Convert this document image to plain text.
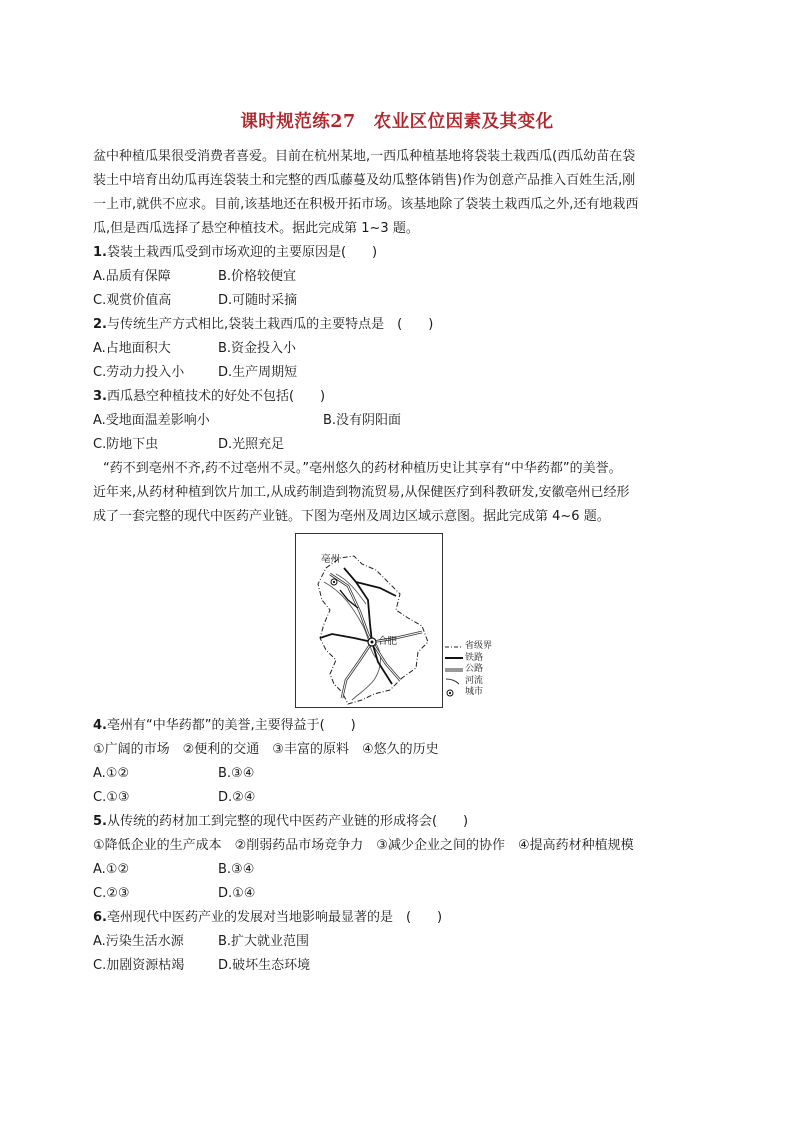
课时规范练27 农业区位因素及其变化
盆中种植瓜果很受消费者喜爱。目前在杭州某地,一西瓜种植基地将袋装土栽西瓜(西瓜幼苗在袋
装土中培育出幼瓜再连袋装土和完整的西瓜藤蔓及幼瓜整体销售)作为创意产品推入百姓生活,刚
一上市,就供不应求。目前,该基地还在积极开拓市场。该基地除了袋装土栽西瓜之外,还有地栽西
瓜,但是西瓜选择了悬空种植技术。据此完成第 1~3 题。
1.袋装土栽西瓜受到市场欢迎的主要原因是(　　)
A.品质有保障	B.价格较便宜
C.观赏价值高	D.可随时采摘
2.与传统生产方式相比,袋装土栽西瓜的主要特点是　(　　)
A.占地面积大	B.资金投入小
C.劳动力投入小	D.生产周期短
3.西瓜悬空种植技术的好处不包括(　　)
A.受地面温差影响小	B.没有阴阳面
C.防地下虫	D.光照充足
“药不到亳州不齐,药不过亳州不灵。”亳州悠久的药材种植历史让其享有“中华药都”的美誉。
近年来,从药材种植到饮片加工,从成药制造到物流贸易,从保健医疗到科教研发,安徽亳州已经形
成了一套完整的现代中医药产业链。下图为亳州及周边区域示意图。据此完成第 4~6 题。
亳州
合肥	省级界
铁路
公路
河流
城市
4.亳州有“中华药都”的美誉,主要得益于(　　)
①广阔的市场　②便利的交通　③丰富的原料　④悠久的历史
A.①②	B.③④
C.①③	D.②④
5.从传统的药材加工到完整的现代中医药产业链的形成将会(　　)
①降低企业的生产成本　②削弱药品市场竞争力　③减少企业之间的协作　④提高药材种植规模
A.①②	B.③④
C.②③	D.①④
6.亳州现代中医药产业的发展对当地影响最显著的是　(　　)
A.污染生活水源	B.扩大就业范围
C.加剧资源枯竭	D.破坏生态环境
